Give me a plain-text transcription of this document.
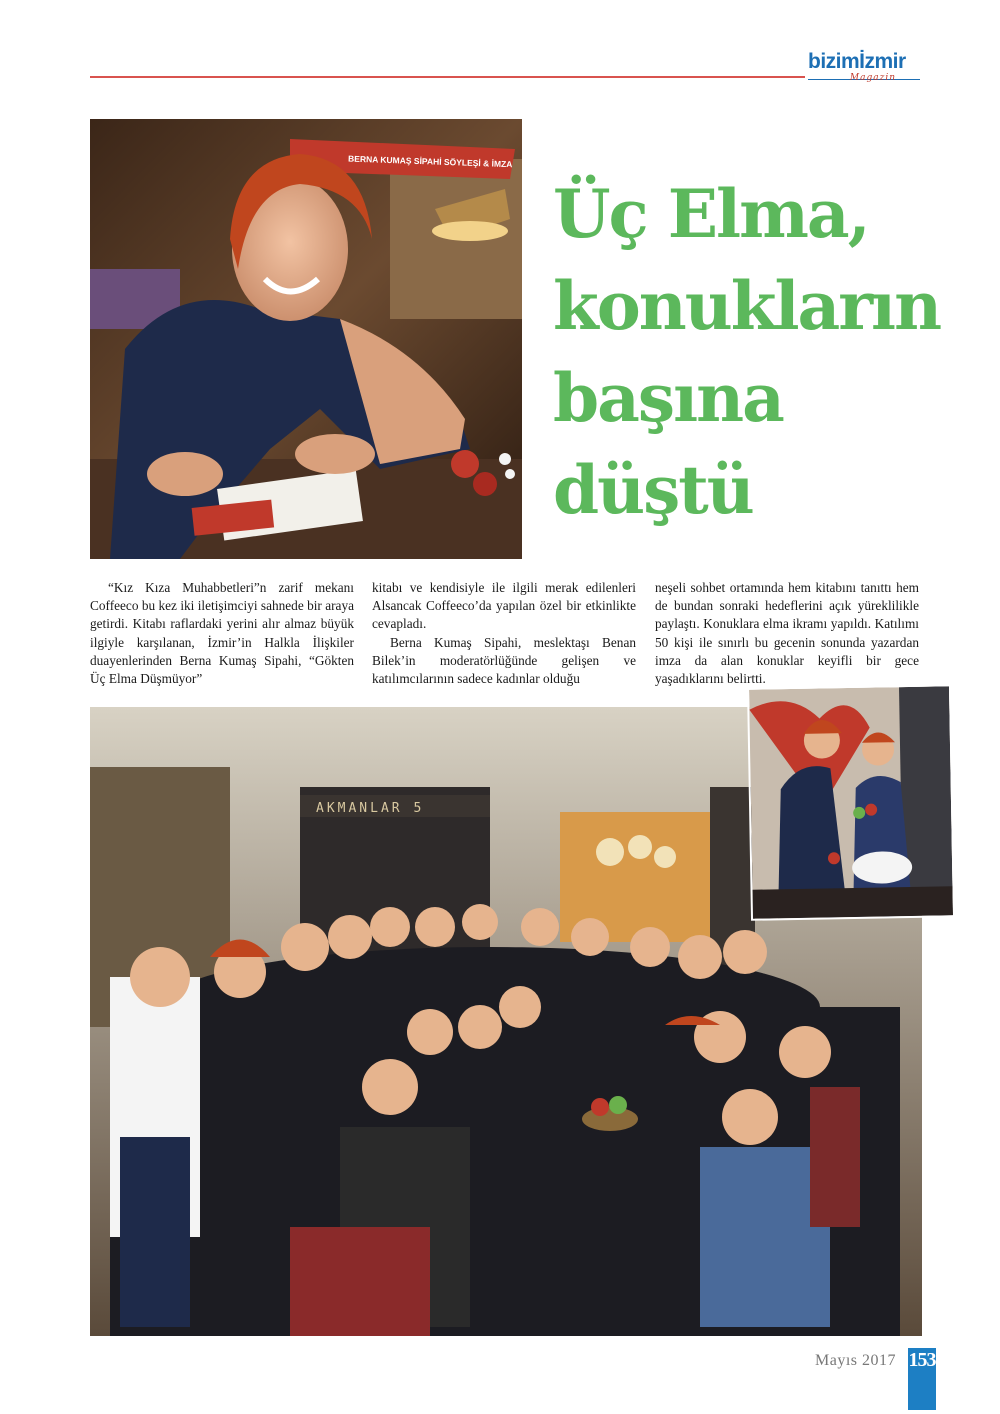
bizimİzmir
Magazin
BERNA KUMAŞ SİPAHİ SÖYLEŞİ & İMZA
Üç Elma,
konukların
başına
düştü

“Kız Kıza Muhabbetleri”n zarif mekanı Coffeeco bu kez iki iletişimciyi sahnede bir araya getirdi. Kitabı raflardaki yerini alır almaz büyük ilgiyle karşılanan, İzmir’in Halkla İlişkiler duayenlerinden Berna Kumaş Sipahi, “Gökten Üç Elma Düşmüyor”

kitabı ve kendisiyle ile ilgili merak edilenleri Alsancak Coffeeco’da yapılan özel bir etkinlikte cevapladı.

Berna Kumaş Sipahi, meslektaşı Benan Bilek’in moderatörlüğünde gelişen ve katılımcılarının sadece kadınlar olduğu

neşeli sohbet ortamında hem kitabını tanıttı hem de bundan sonraki hedeflerini açık yüreklilikle paylaştı. Konuklara elma ikramı yapıldı. Katılımı 50 kişi ile sınırlı bu gecenin sonunda yazardan imza da alan konuklar keyifli bir gece yaşadıklarını belirtti.

AKMANLAR 5
Mayıs 2017 153
